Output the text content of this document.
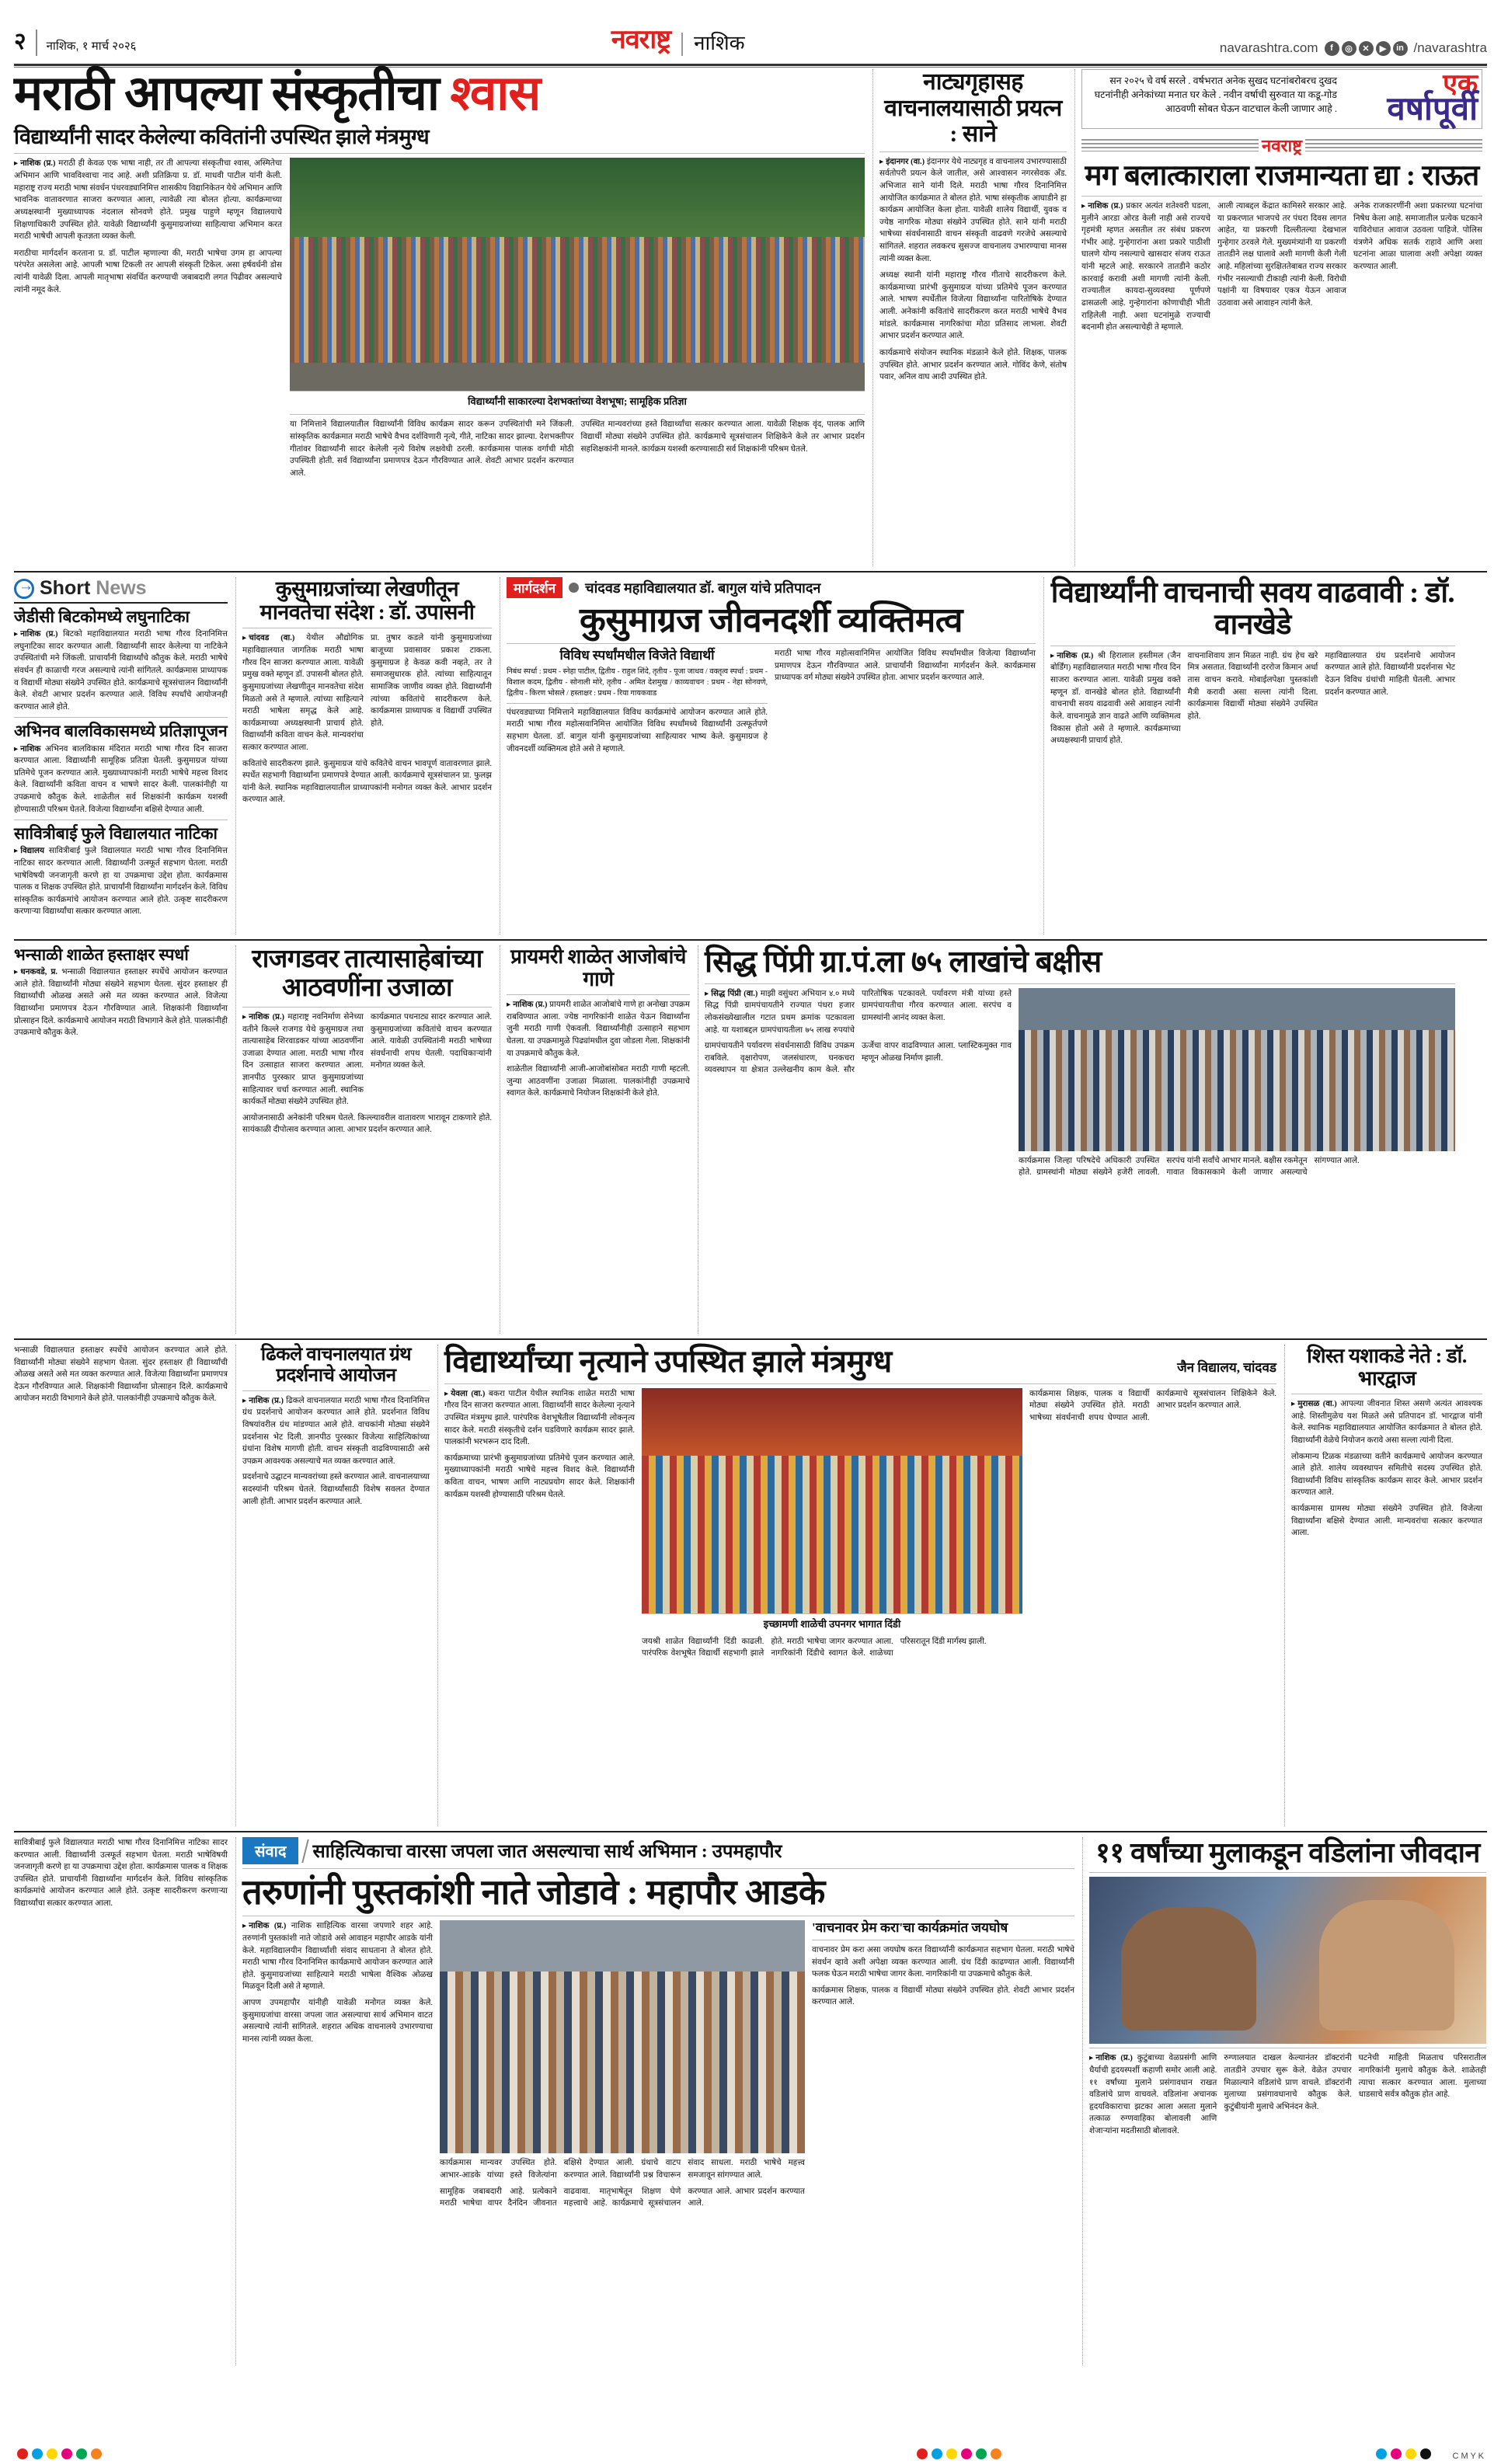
२	नाशिक, १ मार्च २०२६	नवराष्ट्र नाशिक	navarashtra.com	f	◎	✕	▶	in /navarashtra
मराठी आपल्या संस्कृतीचा श्वास
विद्यार्थ्यांनी सादर केलेल्या कवितांनी उपस्थित झाले मंत्रमुग्ध

▸ नाशिक (प्र.) मराठी ही केवळ एक भाषा नाही, तर ती आपल्या संस्कृतीचा श्वास, अस्मितेचा अभिमान आणि भावविश्वाचा नाद आहे. अशी प्रतिक्रिया प्र. डॉ. माधवी पाटील यांनी केली. महाराष्ट्र राज्य मराठी भाषा संवर्धन पंधरवड्यानिमित्त शासकीय विद्यानिकेतन येथे अभिमान आणि भावनिक वातावरणात साजरा करण्यात आला, त्यावेळी त्या बोलत होत्या. कार्यक्रमाच्या अध्यक्षस्थानी मुख्याध्यापक नंदलाल सोनवणे होते. प्रमुख पाहुणे म्हणून विद्यालयाचे शिक्षणाधिकारी उपस्थित होते. यावेळी विद्यार्थ्यांनी कुसुमाग्रजांच्या साहित्याचा अभिमान करत मराठी भाषेची आपली कृतज्ञता व्यक्त केली.

मराठीचा मार्गदर्शन करताना प्र. डॉ. पाटील म्हणाल्या की, मराठी भाषेचा उगम हा आपल्या परंपरेत असलेला आहे. आपली भाषा टिकली तर आपली संस्कृती टिकेल. असा हर्षवर्धनी डोस त्यांनी यावेळी दिला. आपली मातृभाषा संवर्धित करण्याची जबाबदारी लगत पिढीवर असल्याचे त्यांनी नमूद केले.

विद्यार्थ्यांनी साकारल्या देशभक्तांच्या वेशभूषा; सामूहिक प्रतिज्ञा

या निमित्ताने विद्यालयातील विद्यार्थ्यांनी विविध कार्यक्रम सादर करून उपस्थितांची मने जिंकली. सांस्कृतिक कार्यक्रमात मराठी भाषेचे वैभव दर्शविणारी नृत्ये, गीते, नाटिका सादर झाल्या. देशभक्तीपर गीतांवर विद्यार्थ्यांनी सादर केलेली नृत्ये विशेष लक्षवेधी ठरली. कार्यक्रमास पालक वर्गाची मोठी उपस्थिती होती. सर्व विद्यार्थ्यांना प्रमाणपत्र देऊन गौरविण्यात आले. शेवटी आभार प्रदर्शन करण्यात आले.

उपस्थित मान्यवरांच्या हस्ते विद्यार्थ्यांचा सत्कार करण्यात आला. यावेळी शिक्षक वृंद, पालक आणि विद्यार्थी मोठ्या संख्येने उपस्थित होते. कार्यक्रमाचे सूत्रसंचालन शिक्षिकेने केले तर आभार प्रदर्शन सहशिक्षकांनी मानले. कार्यक्रम यशस्वी करण्यासाठी सर्व शिक्षकांनी परिश्रम घेतले.

नाट्यगृहासह वाचनालयासाठी प्रयत्न : साने

▸ इंदानगर (वा.) इंदानगर येथे नाट्यगृह व वाचनालय उभारण्यासाठी सर्वतोपरी प्रयत्न केले जातील, असे आश्वासन नगरसेवक अँड. अभिजात साने यांनी दिले. मराठी भाषा गौरव दिनानिमित्त आयोजित कार्यक्रमात ते बोलत होते. भाषा संस्कृतीक आघाडीने हा कार्यक्रम आयोजित केला होता. यावेळी शालेय विद्यार्थी, युवक व ज्येष्ठ नागरिक मोठ्या संख्येने उपस्थित होते. साने यांनी मराठी भाषेच्या संवर्धनासाठी वाचन संस्कृती वाढवणे गरजेचे असल्याचे सांगितले. शहरात लवकरच सुसज्ज वाचनालय उभारण्याचा मानस त्यांनी व्यक्त केला.

अध्यक्ष स्थानी यांनी महाराष्ट्र गौरव गीताचे सादरीकरण केले. कार्यक्रमाच्या प्रारंभी कुसुमाग्रज यांच्या प्रतिमेचे पूजन करण्यात आले. भाषण स्पर्धेतील विजेत्या विद्यार्थ्यांना पारितोषिके देण्यात आली. अनेकांनी कवितांचे सादरीकरण करत मराठी भाषेचे वैभव मांडले. कार्यक्रमास नागरिकांचा मोठा प्रतिसाद लाभला. शेवटी आभार प्रदर्शन करण्यात आले.

कार्यक्रमाचे संयोजन स्थानिक मंडळाने केले होते. शिक्षक, पालक उपस्थित होते. आभार प्रदर्शन करण्यात आले. गोविंद केणे, संतोष पवार, अनिल वाघ आदी उपस्थित होते.

सन २०२५ चे वर्ष सरले . वर्षभरात अनेक सुखद घटनांबरोबरच दुखद घटनांनीही अनेकांच्या मनात घर केले . नवीन वर्षाची सुरुवात या कडू-गोड आठवणी सोबत घेऊन वाटचाल केली जाणार आहे .

एक
वर्षापूर्वी
नवराष्ट्र
मग बलात्काराला राजमान्यता द्या : राऊत

▸ नाशिक (प्र.) प्रकार अत्यंत शतेश्वरी घडला, मुलीने आरडा ओरड केली नाही असे राज्यचे गृहमंत्री म्हणत असतील तर संबंध प्रकरण गंभीर आहे. गुन्हेगारांना अशा प्रकारे पाठीशी घालणे योग्य नसल्याचे खासदार संजय राऊत यांनी म्हटले आहे. सरकारने तातडीने कठोर कारवाई करावी अशी मागणी त्यांनी केली. राज्यातील कायदा-सुव्यवस्था पूर्णपणे ढासळली आहे. गुन्हेगारांना कोणाचीही भीती राहिलेली नाही. अशा घटनांमुळे राज्याची बदनामी होत असल्याचेही ते म्हणाले.

आली त्याबद्दल केंद्रात कामिसरे सरकार आहे. या प्रकरणात भाजपचे तर पंधरा दिवस लागत आहेत, या प्रकरणी दिल्लीतल्या देखभाल गुन्हेगार ठरवले गेले. मुख्यमंत्र्यांनी या प्रकरणी तातडीने लक्ष घालावे अशी मागणी केली गेली आहे. महिलांच्या सुरक्षिततेबाबत राज्य सरकार गंभीर नसल्याची टीकाही त्यांनी केली. विरोधी पक्षांनी या विषयावर एकत्र येऊन आवाज उठवावा असे आवाहन त्यांनी केले.

अनेक राजकारणींनी अशा प्रकारच्या घटनांचा निषेध केला आहे. समाजातील प्रत्येक घटकाने याविरोधात आवाज उठवला पाहिजे. पोलिस यंत्रणेने अधिक सतर्क राहावे आणि अशा घटनांना आळा घालावा अशी अपेक्षा व्यक्त करण्यात आली.

→
Short News
जेडीसी बिटकोमध्ये लघुनाटिका

▸ नाशिक (प्र.) बिटको महाविद्यालयात मराठी भाषा गौरव दिनानिमित्त लघुनाटिका सादर करण्यात आली. विद्यार्थ्यांनी सादर केलेल्या या नाटिकेने उपस्थितांची मने जिंकली. प्राचार्यांनी विद्यार्थ्यांचे कौतुक केले. मराठी भाषेचे संवर्धन ही काळाची गरज असल्याचे त्यांनी सांगितले. कार्यक्रमास प्राध्यापक व विद्यार्थी मोठ्या संख्येने उपस्थित होते. कार्यक्रमाचे सूत्रसंचालन विद्यार्थ्यांनी केले. शेवटी आभार प्रदर्शन करण्यात आले. विविध स्पर्धांचे आयोजनही करण्यात आले होते.

अभिनव बालविकासमध्ये प्रतिज्ञापूजन

▸ नाशिक अभिनव बालविकास मंदिरात मराठी भाषा गौरव दिन साजरा करण्यात आला. विद्यार्थ्यांनी सामूहिक प्रतिज्ञा घेतली. कुसुमाग्रज यांच्या प्रतिमेचे पूजन करण्यात आले. मुख्याध्यापकांनी मराठी भाषेचे महत्त्व विशद केले. विद्यार्थ्यांनी कविता वाचन व भाषणे सादर केली. पालकांनीही या उपक्रमाचे कौतुक केले. शाळेतील सर्व शिक्षकांनी कार्यक्रम यशस्वी होण्यासाठी परिश्रम घेतले. विजेत्या विद्यार्थ्यांना बक्षिसे देण्यात आली.

सावित्रीबाई फुले विद्यालयात नाटिका

▸ विद्यालय सावित्रीबाई फुले विद्यालयात मराठी भाषा गौरव दिनानिमित्त नाटिका सादर करण्यात आली. विद्यार्थ्यांनी उत्स्फूर्त सहभाग घेतला. मराठी भाषेविषयी जनजागृती करणे हा या उपक्रमाचा उद्देश होता. कार्यक्रमास पालक व शिक्षक उपस्थित होते. प्राचार्यांनी विद्यार्थ्यांना मार्गदर्शन केले. विविध सांस्कृतिक कार्यक्रमांचे आयोजन करण्यात आले होते. उत्कृष्ट सादरीकरण करणाऱ्या विद्यार्थ्यांचा सत्कार करण्यात आला.

कुसुमाग्रजांच्या लेखणीतून मानवतेचा संदेश : डॉ. उपासनी

▸ चांदवड (वा.) येथील औद्योगिक महाविद्यालयात जागतिक मराठी भाषा गौरव दिन साजरा करण्यात आला. यावेळी प्रमुख वक्ते म्हणून डॉ. उपासनी बोलत होते. कुसुमाग्रजांच्या लेखणीतून मानवतेचा संदेश मिळतो असे ते म्हणाले. त्यांच्या साहित्याने मराठी भाषेला समृद्ध केले आहे. कार्यक्रमाच्या अध्यक्षस्थानी प्राचार्य होते. विद्यार्थ्यांनी कविता वाचन केले. मान्यवरांचा सत्कार करण्यात आला.

प्रा. तुषार कडले यांनी कुसुमाग्रजांच्या बाजूच्या प्रवासावर प्रकाश टाकला. कुसुमाग्रज हे केवळ कवी नव्हते, तर ते समाजसुधारक होते. त्यांच्या साहित्यातून सामाजिक जाणीव व्यक्त होते. विद्यार्थ्यांनी त्यांच्या कवितांचे सादरीकरण केले. कार्यक्रमास प्राध्यापक व विद्यार्थी उपस्थित होते.

कवितांचे सादरीकरण झाले. कुसुमाग्रज यांचे कवितेचे वाचन भावपूर्ण वातावरणात झाले. स्पर्धेत सहभागी विद्यार्थ्यांना प्रमाणपत्रे देण्यात आली. कार्यक्रमाचे सूत्रसंचालन प्रा. फुलझ यांनी केले. स्थानिक महाविद्यालयातील प्राध्यापकांनी मनोगत व्यक्त केले. आभार प्रदर्शन करण्यात आले.

मार्गदर्शन	चांदवड महाविद्यालयात डॉ. बागुल यांचे प्रतिपादन
कुसुमाग्रज जीवनदर्शी व्यक्तिमत्व
विविध स्पर्धांमधील विजेते विद्यार्थी

निबंध स्पर्धा : प्रथम - स्नेहा पाटील, द्वितीय - राहुल शिंदे, तृतीय - पूजा जाधव / वक्तृत्व स्पर्धा : प्रथम - विशाल कदम, द्वितीय - सोनाली मोरे, तृतीय - अमित देशमुख / काव्यवाचन : प्रथम - नेहा सोनवणे, द्वितीय - किरण भोसले / हस्ताक्षर : प्रथम - रिया गायकवाड

पंधरवड्याच्या निमित्ताने महाविद्यालयात विविध कार्यक्रमांचे आयोजन करण्यात आले होते. मराठी भाषा गौरव महोत्सवानिमित्त आयोजित विविध स्पर्धांमध्ये विद्यार्थ्यांनी उत्स्फूर्तपणे सहभाग घेतला. डॉ. बागुल यांनी कुसुमाग्रजांच्या साहित्यावर भाष्य केले. कुसुमाग्रज हे जीवनदर्शी व्यक्तिमत्व होते असे ते म्हणाले.

मराठी भाषा गौरव महोत्सवानिमित्त आयोजित विविध स्पर्धांमधील विजेत्या विद्यार्थ्यांना प्रमाणपत्र देऊन गौरविण्यात आले. प्राचार्यांनी विद्यार्थ्यांना मार्गदर्शन केले. कार्यक्रमास प्राध्यापक वर्ग मोठ्या संख्येने उपस्थित होता. आभार प्रदर्शन करण्यात आले.

विद्यार्थ्यांनी वाचनाची सवय वाढवावी : डॉ. वानखेडे

▸ नाशिक (प्र.) श्री हिरालाल हस्तीमल (जैन बोर्डिंग) महाविद्यालयात मराठी भाषा गौरव दिन साजरा करण्यात आला. यावेळी प्रमुख वक्ते म्हणून डॉ. वानखेडे बोलत होते. विद्यार्थ्यांनी वाचनाची सवय वाढवावी असे आवाहन त्यांनी केले. वाचनामुळे ज्ञान वाढते आणि व्यक्तिमत्व विकास होतो असे ते म्हणाले. कार्यक्रमाच्या अध्यक्षस्थानी प्राचार्य होते.

वाचनाशिवाय ज्ञान मिळत नाही. ग्रंथ हेच खरे मित्र असतात. विद्यार्थ्यांनी दररोज किमान अर्धा तास वाचन करावे. मोबाईलपेक्षा पुस्तकांशी मैत्री करावी असा सल्ला त्यांनी दिला. कार्यक्रमास विद्यार्थी मोठ्या संख्येने उपस्थित होते.

महाविद्यालयात ग्रंथ प्रदर्शनाचे आयोजन करण्यात आले होते. विद्यार्थ्यांनी प्रदर्शनास भेट देऊन विविध ग्रंथांची माहिती घेतली. आभार प्रदर्शन करण्यात आले.

भन्साळी शाळेत हस्ताक्षर स्पर्धा

▸ धनकवडे, प्र. भन्साळी विद्यालयात हस्ताक्षर स्पर्धेचे आयोजन करण्यात आले होते. विद्यार्थ्यांनी मोठ्या संख्येने सहभाग घेतला. सुंदर हस्ताक्षर ही विद्यार्थ्यांची ओळख असते असे मत व्यक्त करण्यात आले. विजेत्या विद्यार्थ्यांना प्रमाणपत्र देऊन गौरविण्यात आले. शिक्षकांनी विद्यार्थ्यांना प्रोत्साहन दिले. कार्यक्रमाचे आयोजन मराठी विभागाने केले होते. पालकांनीही उपक्रमाचे कौतुक केले.

राजगडवर तात्यासाहेबांच्या आठवणींना उजाळा

▸ नाशिक (प्र.) महाराष्ट्र नवनिर्माण सेनेच्या वतीने किल्ले राजगड येथे कुसुमाग्रज तथा तात्यासाहेब शिरवाडकर यांच्या आठवणींना उजाळा देण्यात आला. मराठी भाषा गौरव दिन उत्साहात साजरा करण्यात आला. ज्ञानपीठ पुरस्कार प्राप्त कुसुमाग्रजांच्या साहित्यावर चर्चा करण्यात आली. स्थानिक कार्यकर्ते मोठ्या संख्येने उपस्थित होते.

कार्यक्रमात पथनाट्य सादर करण्यात आले. कुसुमाग्रजांच्या कवितांचे वाचन करण्यात आले. यावेळी उपस्थितांनी मराठी भाषेच्या संवर्धनाची शपथ घेतली. पदाधिकाऱ्यांनी मनोगत व्यक्त केले.

आयोजनासाठी अनेकांनी परिश्रम घेतले. किल्ल्यावरील वातावरण भारावून टाकणारे होते. सायंकाळी दीपोत्सव करण्यात आला. आभार प्रदर्शन करण्यात आले.

प्रायमरी शाळेत आजोबांचे गाणे

▸ नाशिक (प्र.) प्रायमरी शाळेत आजोबांचे गाणे हा अनोखा उपक्रम राबविण्यात आला. ज्येष्ठ नागरिकांनी शाळेत येऊन विद्यार्थ्यांना जुनी मराठी गाणी ऐकवली. विद्यार्थ्यांनीही उत्साहाने सहभाग घेतला. या उपक्रमामुळे पिढ्यांमधील दुवा जोडला गेला. शिक्षकांनी या उपक्रमाचे कौतुक केले.

शाळेतील विद्यार्थ्यांनी आजी-आजोबांसोबत मराठी गाणी म्हटली. जुन्या आठवणींना उजाळा मिळाला. पालकांनीही उपक्रमाचे स्वागत केले. कार्यक्रमाचे नियोजन शिक्षकांनी केले होते.

सिद्ध पिंप्री ग्रा.पं.ला ७५ लाखांचे बक्षीस

▸ सिद्ध पिंप्री (वा.) माझी वसुंधरा अभियान ४.० मध्ये सिद्ध पिंप्री ग्रामपंचायतीने राज्यात पंधरा हजार लोकसंख्येखालील गटात प्रथम क्रमांक पटकावला आहे. या यशाबद्दल ग्रामपंचायतीला ७५ लाख रुपयांचे पारितोषिक पटकावले. पर्यावरण मंत्री यांच्या हस्ते ग्रामपंचायतीचा गौरव करण्यात आला. सरपंच व ग्रामस्थांनी आनंद व्यक्त केला.

ग्रामपंचायतीने पर्यावरण संवर्धनासाठी विविध उपक्रम राबविले. वृक्षारोपण, जलसंधारण, घनकचरा व्यवस्थापन या क्षेत्रात उल्लेखनीय काम केले. सौर ऊर्जेचा वापर वाढविण्यात आला. प्लास्टिकमुक्त गाव म्हणून ओळख निर्माण झाली.

कार्यक्रमास जिल्हा परिषदेचे अधिकारी उपस्थित होते. ग्रामस्थांनी मोठ्या संख्येने हजेरी लावली. सरपंच यांनी सर्वांचे आभार मानले. बक्षीस रकमेतून गावात विकासकामे केली जाणार असल्याचे सांगण्यात आले.

भन्साळी विद्यालयात हस्ताक्षर स्पर्धेचे आयोजन करण्यात आले होते. विद्यार्थ्यांनी मोठ्या संख्येने सहभाग घेतला. सुंदर हस्ताक्षर ही विद्यार्थ्यांची ओळख असते असे मत व्यक्त करण्यात आले. विजेत्या विद्यार्थ्यांना प्रमाणपत्र देऊन गौरविण्यात आले. शिक्षकांनी विद्यार्थ्यांना प्रोत्साहन दिले. कार्यक्रमाचे आयोजन मराठी विभागाने केले होते. पालकांनीही उपक्रमाचे कौतुक केले.

ढिकले वाचनालयात ग्रंथ प्रदर्शनाचे आयोजन

▸ नाशिक (प्र.) ढिकले वाचनालयात मराठी भाषा गौरव दिनानिमित्त ग्रंथ प्रदर्शनाचे आयोजन करण्यात आले होते. प्रदर्शनात विविध विषयांवरील ग्रंथ मांडण्यात आले होते. वाचकांनी मोठ्या संख्येने प्रदर्शनास भेट दिली. ज्ञानपीठ पुरस्कार विजेत्या साहित्यिकांच्या ग्रंथांना विशेष मागणी होती. वाचन संस्कृती वाढविण्यासाठी असे उपक्रम आवश्यक असल्याचे मत व्यक्त करण्यात आले.

प्रदर्शनाचे उद्घाटन मान्यवरांच्या हस्ते करण्यात आले. वाचनालयाच्या सदस्यांनी परिश्रम घेतले. विद्यार्थ्यांसाठी विशेष सवलत देण्यात आली होती. आभार प्रदर्शन करण्यात आले.

विद्यार्थ्यांच्या नृत्याने उपस्थित झाले मंत्रमुग्ध	जैन विद्यालय, चांदवड

▸ येवला (वा.) बकरा पाटील येथील स्थानिक शाळेत मराठी भाषा गौरव दिन साजरा करण्यात आला. विद्यार्थ्यांनी सादर केलेल्या नृत्याने उपस्थित मंत्रमुग्ध झाले. पारंपरिक वेशभूषेतील विद्यार्थ्यांनी लोकनृत्य सादर केले. मराठी संस्कृतीचे दर्शन घडविणारे कार्यक्रम सादर झाले. पालकांनी भरभरून दाद दिली.

कार्यक्रमाच्या प्रारंभी कुसुमाग्रजांच्या प्रतिमेचे पूजन करण्यात आले. मुख्याध्यापकांनी मराठी भाषेचे महत्त्व विशद केले. विद्यार्थ्यांनी कविता वाचन, भाषण आणि नाट्यप्रयोग सादर केले. शिक्षकांनी कार्यक्रम यशस्वी होण्यासाठी परिश्रम घेतले.

इच्छामणी शाळेची उपनगर भागात दिंडी

जयश्री शाळेत विद्यार्थ्यांनी दिंडी काढली. पारंपरिक वेशभूषेत विद्यार्थी सहभागी झाले होते. मराठी भाषेचा जागर करण्यात आला. नागरिकांनी दिंडीचे स्वागत केले. शाळेच्या परिसरातून दिंडी मार्गस्थ झाली.

कार्यक्रमास शिक्षक, पालक व विद्यार्थी मोठ्या संख्येने उपस्थित होते. मराठी भाषेच्या संवर्धनाची शपथ घेण्यात आली. कार्यक्रमाचे सूत्रसंचालन शिक्षिकेने केले. आभार प्रदर्शन करण्यात आले.

शिस्त यशाकडे नेते : डॉ. भारद्वाज

▸ मुरासळ (वा.) आपल्या जीवनात शिस्त असणे अत्यंत आवश्यक आहे. शिस्तीमुळेच यश मिळते असे प्रतिपादन डॉ. भारद्वाज यांनी केले. स्थानिक महाविद्यालयात आयोजित कार्यक्रमात ते बोलत होते. विद्यार्थ्यांनी वेळेचे नियोजन करावे असा सल्ला त्यांनी दिला.

लोकमान्य टिळक मंडळाच्या वतीने कार्यक्रमाचे आयोजन करण्यात आले होते. शालेय व्यवस्थापन समितीचे सदस्य उपस्थित होते. विद्यार्थ्यांनी विविध सांस्कृतिक कार्यक्रम सादर केले. आभार प्रदर्शन करण्यात आले.

कार्यक्रमास ग्रामस्थ मोठ्या संख्येने उपस्थित होते. विजेत्या विद्यार्थ्यांना बक्षिसे देण्यात आली. मान्यवरांचा सत्कार करण्यात आला.

सावित्रीबाई फुले विद्यालयात मराठी भाषा गौरव दिनानिमित्त नाटिका सादर करण्यात आली. विद्यार्थ्यांनी उत्स्फूर्त सहभाग घेतला. मराठी भाषेविषयी जनजागृती करणे हा या उपक्रमाचा उद्देश होता. कार्यक्रमास पालक व शिक्षक उपस्थित होते. प्राचार्यांनी विद्यार्थ्यांना मार्गदर्शन केले. विविध सांस्कृतिक कार्यक्रमांचे आयोजन करण्यात आले होते. उत्कृष्ट सादरीकरण करणाऱ्या विद्यार्थ्यांचा सत्कार करण्यात आला.

संवाद	साहित्यिकाचा वारसा जपला जात असल्याचा सार्थ अभिमान : उपमहापौर
तरुणांनी पुस्तकांशी नाते जोडावे : महापौर आडके

▸ नाशिक (प्र.) नाशिक साहित्यिक वारसा जपणारे शहर आहे. तरुणांनी पुस्तकांशी नाते जोडावे असे आवाहन महापौर आडके यांनी केले. महाविद्यालयीन विद्यार्थ्यांशी संवाद साधताना ते बोलत होते. मराठी भाषा गौरव दिनानिमित्त कार्यक्रमाचे आयोजन करण्यात आले होते. कुसुमाग्रजांच्या साहित्याने मराठी भाषेला वैश्विक ओळख मिळवून दिली असे ते म्हणाले.

आपण उपमहापौर यांनीही यावेळी मनोगत व्यक्त केले. कुसुमाग्रजांचा वारसा जपला जात असल्याचा सार्थ अभिमान वाटत असल्याचे त्यांनी सांगितले. शहरात अधिक वाचनालये उभारण्याचा मानस त्यांनी व्यक्त केला.

कार्यक्रमास मान्यवर उपस्थित होते. आभार-आडके यांच्या हस्ते विजेत्यांना बक्षिसे देण्यात आली. ग्रंथाचे वाटप करण्यात आले. विद्यार्थ्यांनी प्रश्न विचारून संवाद साधला. मराठी भाषेचे महत्त्व समजावून सांगण्यात आले.

सामूहिक जबाबदारी आहे. प्रत्येकाने मराठी भाषेचा वापर दैनंदिन जीवनात वाढवावा. मातृभाषेतून शिक्षण घेणे महत्त्वाचे आहे. कार्यक्रमाचे सूत्रसंचालन करण्यात आले. आभार प्रदर्शन करण्यात आले.

'वाचनावर प्रेम करा'चा कार्यक्रमांत जयघोष

वाचनावर प्रेम करा असा जयघोष करत विद्यार्थ्यांनी कार्यक्रमात सहभाग घेतला. मराठी भाषेचे संवर्धन व्हावे अशी अपेक्षा व्यक्त करण्यात आली. ग्रंथ दिंडी काढण्यात आली. विद्यार्थ्यांनी फलक घेऊन मराठी भाषेचा जागर केला. नागरिकांनी या उपक्रमाचे कौतुक केले.

कार्यक्रमास शिक्षक, पालक व विद्यार्थी मोठ्या संख्येने उपस्थित होते. शेवटी आभार प्रदर्शन करण्यात आले.

११ वर्षांच्या मुलाकडून वडिलांना जीवदान

▸ नाशिक (प्र.) कुटुंबाच्या वेळप्रसंगी आणि धैर्याची हृदयस्पर्शी कहाणी समोर आली आहे. ११ वर्षांच्या मुलाने प्रसंगावधान राखत वडिलांचे प्राण वाचवले. वडिलांना अचानक हृदयविकाराचा झटका आला असता मुलाने तत्काळ रुग्णवाहिका बोलावली आणि शेजाऱ्यांना मदतीसाठी बोलावले.

रुग्णालयात दाखल केल्यानंतर डॉक्टरांनी तातडीने उपचार सुरू केले. वेळेत उपचार मिळाल्याने वडिलांचे प्राण वाचले. डॉक्टरांनी मुलाच्या प्रसंगावधानाचे कौतुक केले. कुटुंबीयांनी मुलाचे अभिनंदन केले.

घटनेची माहिती मिळताच परिसरातील नागरिकांनी मुलाचे कौतुक केले. शाळेतही त्याचा सत्कार करण्यात आला. मुलाच्या धाडसाचे सर्वत्र कौतुक होत आहे.

C M Y K
